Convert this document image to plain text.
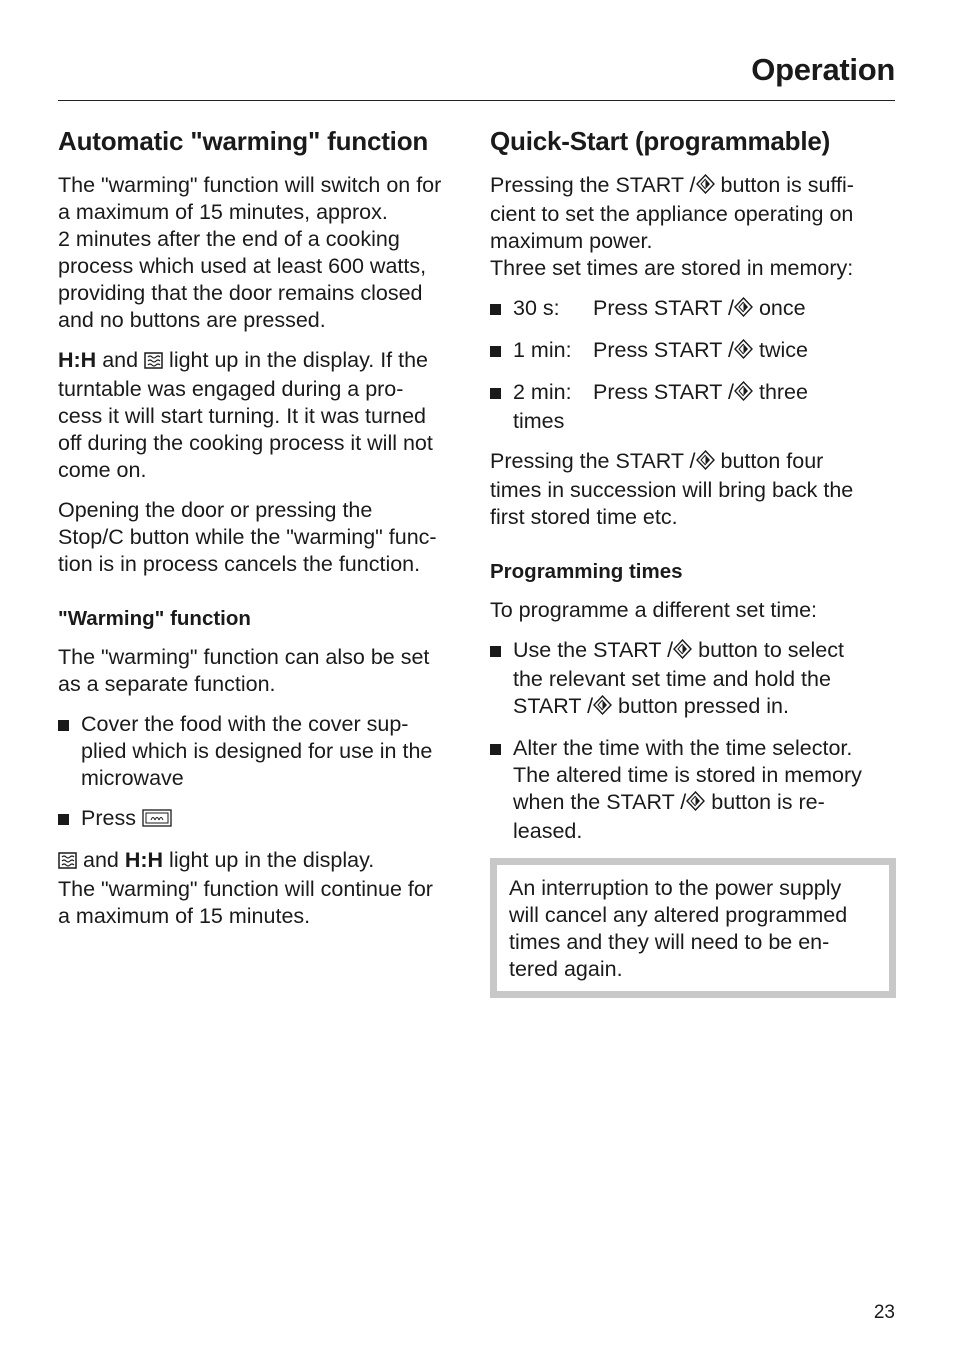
Operation
Automatic "warming" function

The "warming" function will switch on for
a maximum of 15 minutes, approx.
2 minutes after the end of a cooking
process which used at least 600 watts,
providing that the door remains closed
and no buttons are pressed.

H:H and light up in the display. If the
turntable was engaged during a pro-
cess it will start turning. It it was turned
off during the cooking process it will not
come on.

Opening the door or pressing the
Stop/C button while the "warming" func-
tion is in process cancels the function.

"Warming" function

The "warming" function can also be set
as a separate function.

Cover the food with the cover sup-
plied which is designed for use in the
microwave
Press

and H:H light up in the display.
The "warming" function will continue for
a maximum of 15 minutes.

Quick-Start (programmable)

Pressing the START / button is suffi-
cient to set the appliance operating on
maximum power.
Three set times are stored in memory:

30 s: Press START / once
1 min: Press START / twice
2 min: Press START / three
times

Pressing the START / button four
times in succession will bring back the
first stored time etc.

Programming times

To programme a different set time:

Use the START / button to select
the relevant set time and hold the
START / button pressed in.
Alter the time with the time selector.
The altered time is stored in memory
when the START / button is re-
leased.

An interruption to the power supply
will cancel any altered programmed
times and they will need to be en-
tered again.

23
